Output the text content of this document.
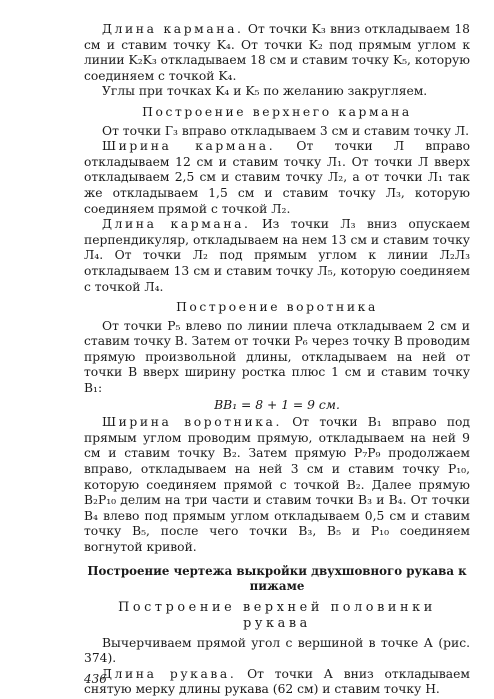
Длина кармана. От точки K₃ вниз откладываем 18 см и ставим точку K₄. От точки K₂ под прямым углом к линии K₂K₃ откладываем 18 см и ставим точку K₅, которую соединяем с точкой K₄.

Углы при точках K₄ и K₅ по желанию закругляем.

Построение верхнего кармана

От точки Г₃ вправо откладываем 3 см и ставим точку Л.

Ширина кармана. От точки Л вправо откладываем 12 см и ставим точку Л₁. От точки Л вверх откладываем 2,5 см и ставим точку Л₂, а от точки Л₁ так же откладываем 1,5 см и ставим точку Л₃, которую соединяем прямой с точкой Л₂.

Длина кармана. Из точки Л₃ вниз опускаем перпендикуляр, откладываем на нем 13 см и ставим точку Л₄. От точки Л₂ под прямым углом к линии Л₂Л₃ откладываем 13 см и ставим точку Л₅, которую соединяем с точкой Л₄.

Построение воротника

От точки Р₅ влево по линии плеча откладываем 2 см и ставим точку В. Затем от точки Р₆ через точку В проводим прямую произвольной длины, откладываем на ней от точки В вверх ширину ростка плюс 1 см и ставим точку В₁:

ВВ₁ = 8 + 1 = 9 см.

Ширина воротника. От точки В₁ вправо под прямым углом проводим прямую, откладываем на ней 9 см и ставим точку В₂. Затем прямую Р₇Р₉ продолжаем вправо, откладываем на ней 3 см и ставим точку Р₁₀, которую соединяем прямой с точкой В₂. Далее прямую В₂Р₁₀ делим на три части и ставим точки В₃ и В₄. От точки В₄ влево под прямым углом откладываем 0,5 см и ставим точку В₅, после чего точки В₃, В₅ и Р₁₀ соединяем вогнутой кривой.

Построение чертежа выкройки двухшовного рукава к пижаме
Построение верхней половинки рукава

Вычерчиваем прямой угол с вершиной в точке А (рис. 374).

Длина рукава. От точки А вниз откладываем снятую мерку длины рукава (62 см) и ставим точку Н.

436
